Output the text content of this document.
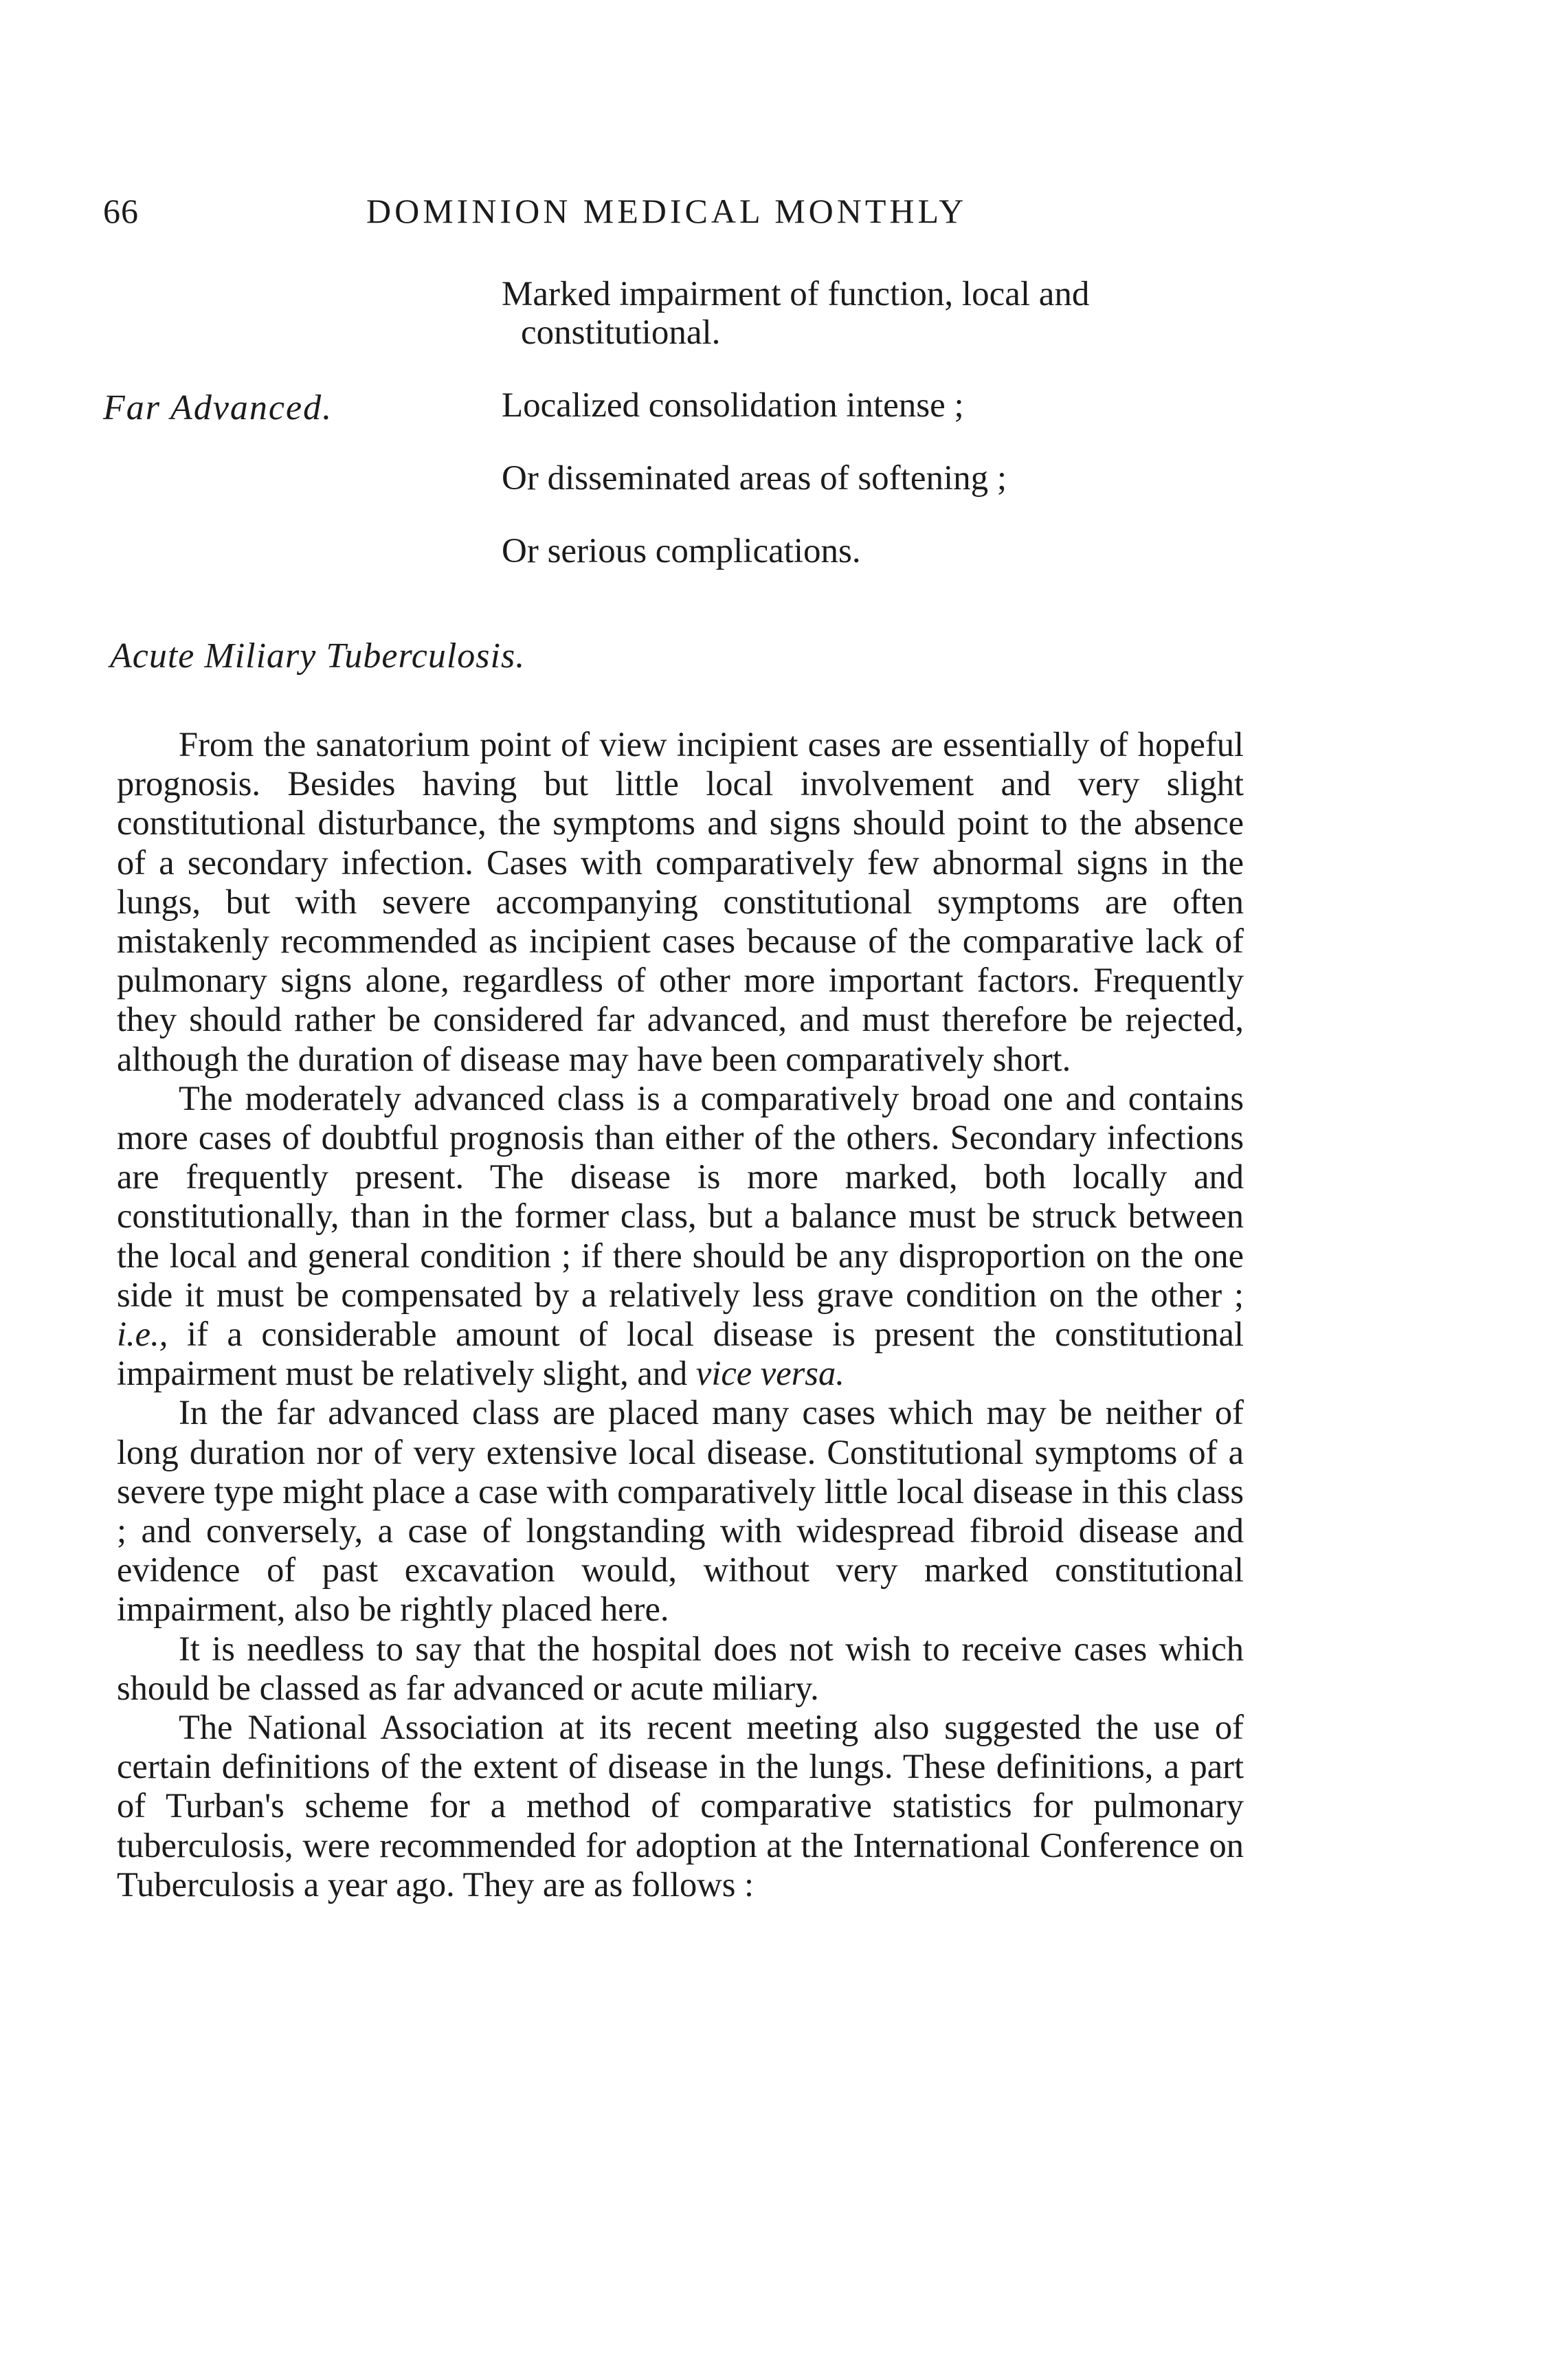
66	DOMINION MEDICAL MONTHLY

Marked impairment of function, local and

constitutional.

Localized consolidation intense ;

Or disseminated areas of softening ;

Or serious complications.

Far Advanced.
Acute Miliary Tuberculosis.

From the sanatorium point of view incipient cases are essentially of hopeful prognosis. Besides having but little local involvement and very slight constitutional disturbance, the symptoms and signs should point to the absence of a secondary infection. Cases with comparatively few abnormal signs in the lungs, but with severe accompanying constitutional symptoms are often mistakenly recommended as incipient cases because of the comparative lack of pulmonary signs alone, regardless of other more important factors. Frequently they should rather be considered far advanced, and must therefore be rejected, although the duration of disease may have been comparatively short.

The moderately advanced class is a comparatively broad one and contains more cases of doubtful prognosis than either of the others. Secondary infections are frequently present. The disease is more marked, both locally and constitutionally, than in the former class, but a balance must be struck between the local and general condition ; if there should be any disproportion on the one side it must be compensated by a relatively less grave condition on the other ; i.e., if a considerable amount of local disease is present the constitutional impairment must be relatively slight, and vice versa.

In the far advanced class are placed many cases which may be neither of long duration nor of very extensive local disease. Constitutional symptoms of a severe type might place a case with comparatively little local disease in this class ; and conversely, a case of longstanding with widespread fibroid disease and evidence of past excavation would, without very marked constitutional impairment, also be rightly placed here.

It is needless to say that the hospital does not wish to receive cases which should be classed as far advanced or acute miliary.

The National Association at its recent meeting also suggested the use of certain definitions of the extent of disease in the lungs. These definitions, a part of Turban's scheme for a method of comparative statistics for pulmonary tuberculosis, were recommended for adoption at the International Conference on Tuberculosis a year ago. They are as follows :
